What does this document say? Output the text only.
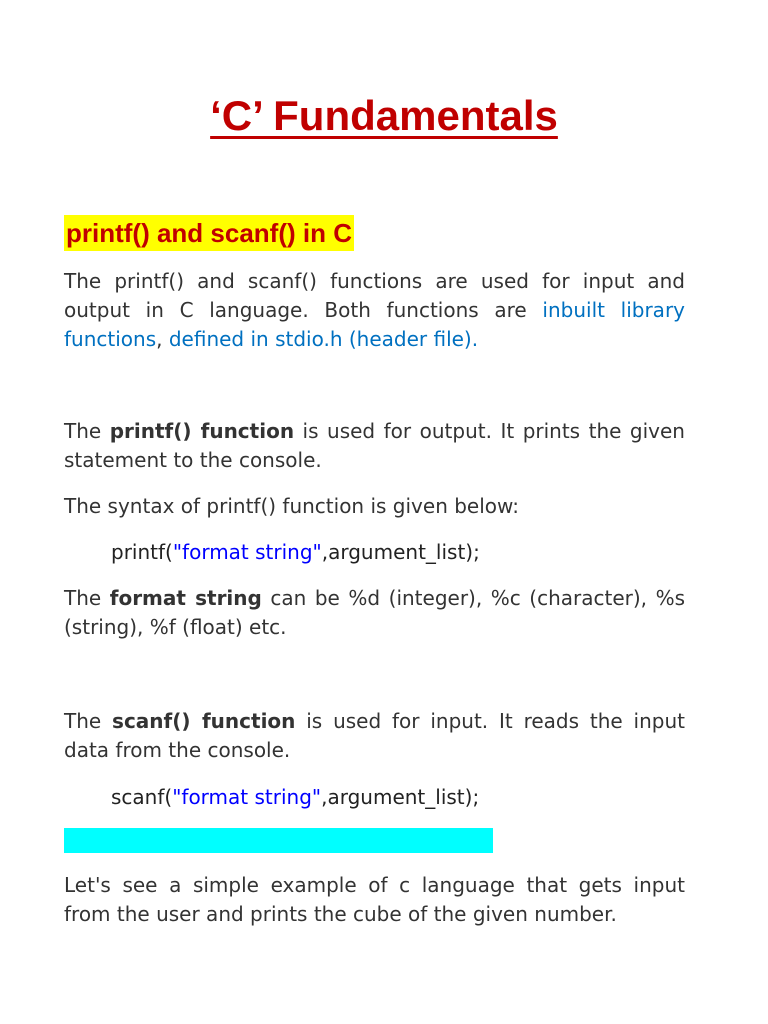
‘C’ Fundamentals
printf() and scanf() in C

The printf() and scanf() functions are used for input and output in C language. Both functions are inbuilt library functions, defined in stdio.h (header file).

The printf() function is used for output. It prints the given statement to the console.

The syntax of printf() function is given below:

printf("format string",argument_list);

The format string can be %d (integer), %c (character), %s (string), %f (float) etc.

The scanf() function is used for input. It reads the input data from the console.

scanf("format string",argument_list);

Let's see a simple example of c language that gets input from the user and prints the cube of the given number.
